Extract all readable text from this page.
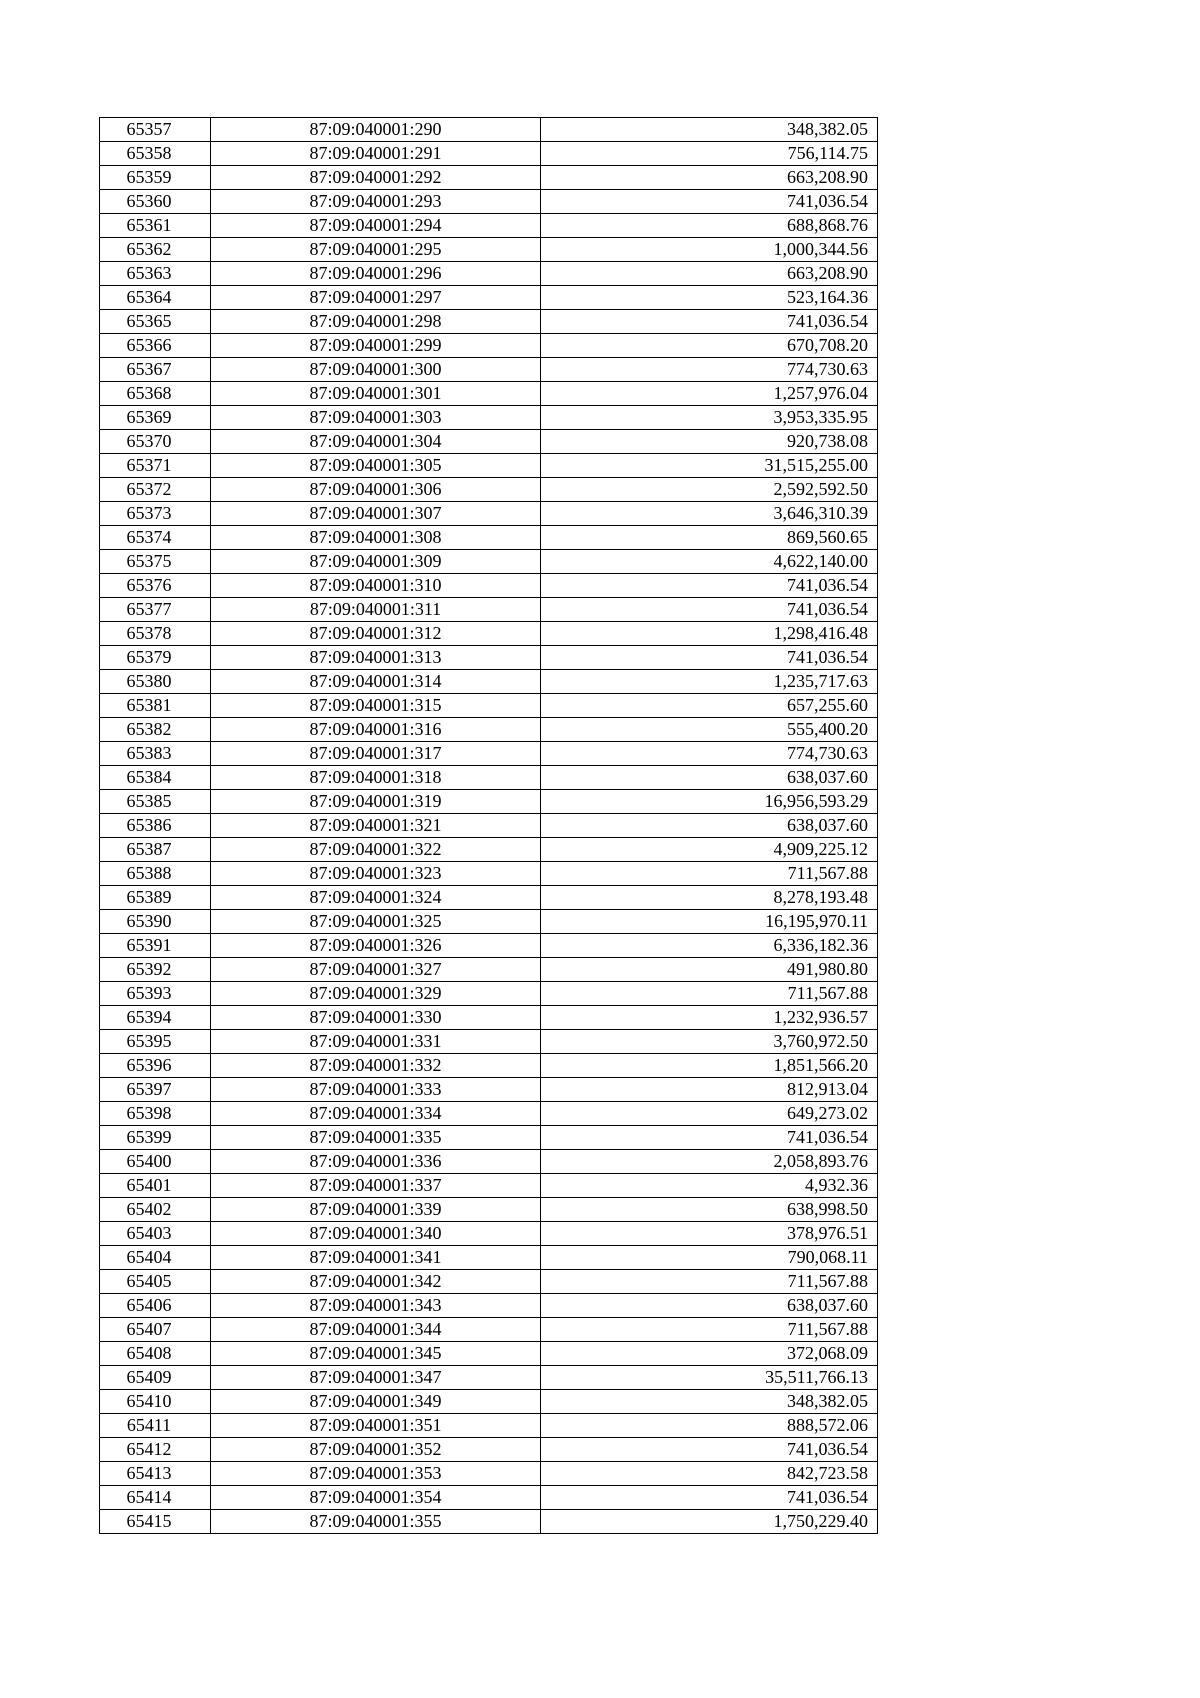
65357	87:09:040001:290	348,382.05
65358	87:09:040001:291	756,114.75
65359	87:09:040001:292	663,208.90
65360	87:09:040001:293	741,036.54
65361	87:09:040001:294	688,868.76
65362	87:09:040001:295	1,000,344.56
65363	87:09:040001:296	663,208.90
65364	87:09:040001:297	523,164.36
65365	87:09:040001:298	741,036.54
65366	87:09:040001:299	670,708.20
65367	87:09:040001:300	774,730.63
65368	87:09:040001:301	1,257,976.04
65369	87:09:040001:303	3,953,335.95
65370	87:09:040001:304	920,738.08
65371	87:09:040001:305	31,515,255.00
65372	87:09:040001:306	2,592,592.50
65373	87:09:040001:307	3,646,310.39
65374	87:09:040001:308	869,560.65
65375	87:09:040001:309	4,622,140.00
65376	87:09:040001:310	741,036.54
65377	87:09:040001:311	741,036.54
65378	87:09:040001:312	1,298,416.48
65379	87:09:040001:313	741,036.54
65380	87:09:040001:314	1,235,717.63
65381	87:09:040001:315	657,255.60
65382	87:09:040001:316	555,400.20
65383	87:09:040001:317	774,730.63
65384	87:09:040001:318	638,037.60
65385	87:09:040001:319	16,956,593.29
65386	87:09:040001:321	638,037.60
65387	87:09:040001:322	4,909,225.12
65388	87:09:040001:323	711,567.88
65389	87:09:040001:324	8,278,193.48
65390	87:09:040001:325	16,195,970.11
65391	87:09:040001:326	6,336,182.36
65392	87:09:040001:327	491,980.80
65393	87:09:040001:329	711,567.88
65394	87:09:040001:330	1,232,936.57
65395	87:09:040001:331	3,760,972.50
65396	87:09:040001:332	1,851,566.20
65397	87:09:040001:333	812,913.04
65398	87:09:040001:334	649,273.02
65399	87:09:040001:335	741,036.54
65400	87:09:040001:336	2,058,893.76
65401	87:09:040001:337	4,932.36
65402	87:09:040001:339	638,998.50
65403	87:09:040001:340	378,976.51
65404	87:09:040001:341	790,068.11
65405	87:09:040001:342	711,567.88
65406	87:09:040001:343	638,037.60
65407	87:09:040001:344	711,567.88
65408	87:09:040001:345	372,068.09
65409	87:09:040001:347	35,511,766.13
65410	87:09:040001:349	348,382.05
65411	87:09:040001:351	888,572.06
65412	87:09:040001:352	741,036.54
65413	87:09:040001:353	842,723.58
65414	87:09:040001:354	741,036.54
65415	87:09:040001:355	1,750,229.40
